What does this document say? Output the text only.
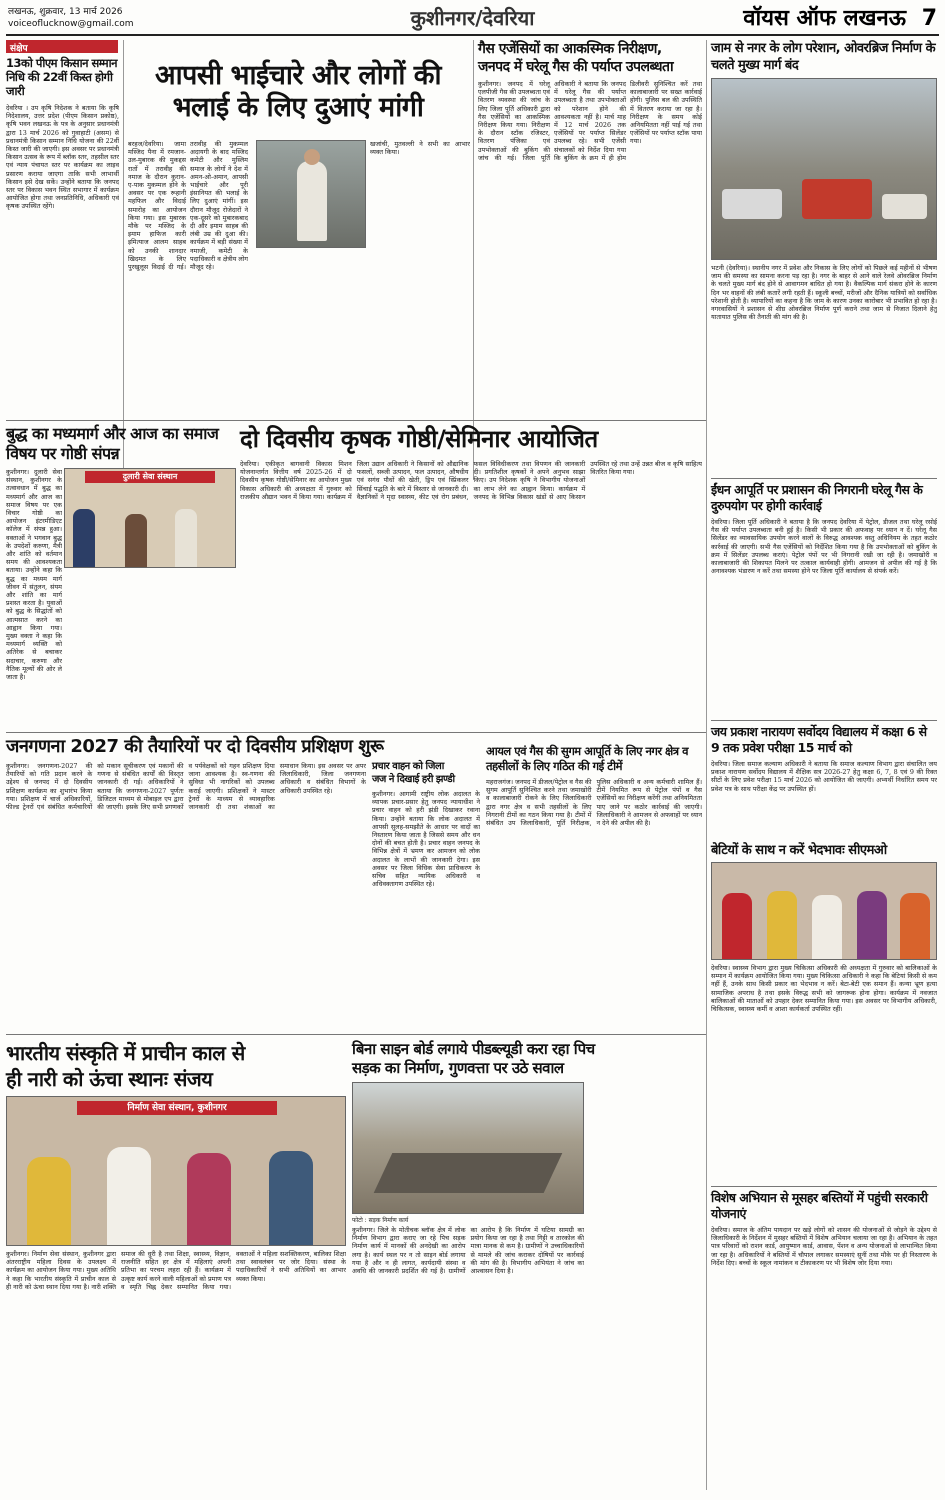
लखनऊ, शुक्रवार, 13 मार्च 2026
voiceoflucknow@gmail.com	कुशीनगर/देवरिया	वॉयस ऑफ लखनऊ 7
संक्षेप
13को पीएम किसान सम्मान निधि की 22वीं किस्त होगी जारी
देवरिया । उप कृषि निदेशक ने बताया कि कृषि निदेशालय, उत्तर प्रदेश (पीएम किसान प्रकोष्ठ), कृषि भवन लखनऊ के पत्र के अनुसार प्रधानमंत्री द्वारा 13 मार्च 2026 को गुवाहाटी (असम) से प्रधानमंत्री किसान सम्मान निधि योजना की 22वीं किस्त जारी की जाएगी। इस अवसर पर प्रधानमंत्री किसान उत्सव के रूप में ब्लॉक स्तर, तहसील स्तर एवं न्याय पंचायत स्तर पर कार्यक्रम का लाइव प्रसारण कराया जाएगा ताकि सभी लाभार्थी किसान इसे देख सकें। उन्होंने बताया कि जनपद स्तर पर विकास भवन स्थित सभागार में कार्यक्रम आयोजित होगा तथा जनप्रतिनिधि, अधिकारी एवं कृषक उपस्थित रहेंगे।
आपसी भाईचारे और लोगों की
भलाई के लिए दुआएं मांगी
बरहज/देवरिया। जामा मस्जिद पैना में रमजान-उल-मुबारक की मुकद्दस रातों में तरावीह की नमाज के दौरान कुरान-ए-पाक मुकम्मल होने के अवसर पर एक रूहानी महफिल और विदाई समारोह का आयोजन किया गया। इस मुबारक मौके पर मस्जिद के इमाम हाफिज कारी इमित्याज आलम साहब को उनकी शानदार खिदमत के लिए पुरखुलूस विदाई दी गई। तरावीह की मुकम्मल अदायगी के बाद मस्जिद कमेटी और मुस्लिम समाज के लोगों ने देश में अमन-ओ-अमान, आपसी भाईचारे और पूरी इंसानियत की भलाई के लिए दुआएं मांगीं। इस दौरान मौजूद रोजेदारों ने एक-दूसरे को मुबारकबाद दी और इमाम साहब की लंबी उम्र की दुआ की। कार्यक्रम में बड़ी संख्या में नमाजी, कमेटी के पदाधिकारी व क्षेत्रीय लोग मौजूद रहे।
खजांची, मुतवल्ली ने सभी का आभार व्यक्त किया।
गैस एजेंसियों का आकस्मिक निरीक्षण,
जनपद में घरेलू गैस की पर्याप्त उपलब्धता
कुशीनगर। जनपद में घरेलू एलपीजी गैस की उपलब्धता एवं वितरण व्यवस्था की जांच के लिए जिला पूर्ति अधिकारी द्वारा गैस एजेंसियों का आकस्मिक निरीक्षण किया गया। निरीक्षण के दौरान स्टॉक रजिस्टर, वितरण पंजिका एवं उपभोक्ताओं की बुकिंग की जांच की गई। जिला पूर्ति अधिकारी ने बताया कि जनपद में घरेलू गैस की पर्याप्त उपलब्धता है तथा उपभोक्ताओं को परेशान होने की आवश्यकता नहीं है। मार्च माह में 12 मार्च 2026 तक एजेंसियों पर पर्याप्त सिलेंडर उपलब्ध रहे। सभी एजेंसी संचालकों को निर्देश दिया गया कि बुकिंग के क्रम में ही होम डिलीवरी सुनिश्चित करें तथा कालाबाजारी पर सख्त कार्रवाई होगी। पुलिस बल की उपस्थिति में वितरण कराया जा रहा है। निरीक्षण के समय कोई अनियमितता नहीं पाई गई तथा एजेंसियों पर पर्याप्त स्टॉक पाया गया।
जाम से नगर के लोग परेशान, ओवरब्रिज निर्माण के चलते मुख्य मार्ग बंद
भटनी (देवरिया)। स्थानीय नगर में प्रवेश और निकास के लिए लोगों को पिछले कई महीनों से भीषण जाम की समस्या का सामना करना पड़ रहा है। नगर के बाहर से आने वाले रेलवे ओवरब्रिज निर्माण के चलते मुख्य मार्ग बंद होने से आवागमन बाधित हो गया है। वैकल्पिक मार्ग संकरा होने के कारण दिन भर वाहनों की लंबी कतारें लगी रहती हैं। स्कूली बच्चों, मरीजों और दैनिक यात्रियों को सर्वाधिक परेशानी होती है। व्यापारियों का कहना है कि जाम के कारण उनका कारोबार भी प्रभावित हो रहा है। नगरवासियों ने प्रशासन से शीघ्र ओवरब्रिज निर्माण पूर्ण कराने तथा जाम से निजात दिलाने हेतु यातायात पुलिस की तैनाती की मांग की है।
बुद्ध का मध्यमार्ग और आज का समाज विषय पर गोष्ठी संपन्न
कुशीनगर। दुलारी सेवा संस्थान, कुशीनगर के तत्वावधान में बुद्ध का मध्यमार्ग और आज का समाज विषय पर एक विचार गोष्ठी का आयोजन इंटरमीडिएट कॉलेज में संपन्न हुआ। वक्ताओं ने भगवान बुद्ध के उपदेशों करुणा, मैत्री और शांति को वर्तमान समय की आवश्यकता बताया। उन्होंने कहा कि बुद्ध का मध्यम मार्ग जीवन में संतुलन, संयम और शांति का मार्ग प्रशस्त करता है। युवाओं को बुद्ध के सिद्धांतों को आत्मसात करने का आह्वान किया गया। मुख्य वक्ता ने कहा कि मध्यमार्ग व्यक्ति को अतिरेक से बचाकर सदाचार, करुणा और नैतिक मूल्यों की ओर ले जाता है।
दुलारी सेवा संस्थान
दो दिवसीय कृषक गोष्ठी/सेमिनार आयोजित
देवरिया। एकीकृत बागवानी विकास मिशन योजनान्तर्गत वित्तीय वर्ष 2025-26 में दो दिवसीय कृषक गोष्ठी/सेमिनार का आयोजन मुख्य विकास अधिकारी की अध्यक्षता में गुरुवार को राजकीय औद्यान भवन में किया गया। कार्यक्रम में जिला उद्यान अधिकारी ने किसानों को औद्यानिक फसलों, सब्जी उत्पादन, फल उत्पादन, औषधीय एवं सगंध पौधों की खेती, ड्रिप एवं स्प्रिंकलर सिंचाई पद्धति के बारे में विस्तार से जानकारी दी। वैज्ञानिकों ने मृदा स्वास्थ्य, कीट एवं रोग प्रबंधन, फसल विविधीकरण तथा विपणन की जानकारी दी। प्रगतिशील कृषकों ने अपने अनुभव साझा किए। उप निदेशक कृषि ने विभागीय योजनाओं का लाभ लेने का आह्वान किया। कार्यक्रम में जनपद के विभिन्न विकास खंडों से आए किसान उपस्थित रहे तथा उन्हें उन्नत बीज व कृषि साहित्य वितरित किया गया।
ईंधन आपूर्ति पर प्रशासन की निगरानी घरेलू गैस के दुरुपयोग पर होगी कार्रवाई
देवरिया। जिला पूर्ति अधिकारी ने बताया है कि जनपद देवरिया में पेट्रोल, डीजल तथा घरेलू रसोई गैस की पर्याप्त उपलब्धता बनी हुई है। किसी भी प्रकार की अफवाह पर ध्यान न दें। घरेलू गैस सिलेंडर का व्यावसायिक उपयोग करने वालों के विरुद्ध आवश्यक वस्तु अधिनियम के तहत कठोर कार्रवाई की जाएगी। सभी गैस एजेंसियों को निर्देशित किया गया है कि उपभोक्ताओं को बुकिंग के क्रम में सिलेंडर उपलब्ध कराएं। पेट्रोल पंपों पर भी निगरानी रखी जा रही है। जमाखोरी व कालाबाजारी की शिकायत मिलने पर तत्काल कार्यवाही होगी। आमजन से अपील की गई है कि अनावश्यक भंडारण न करें तथा समस्या होने पर जिला पूर्ति कार्यालय से संपर्क करें।
जय प्रकाश नारायण सर्वोदय विद्यालय में कक्षा 6 से 9 तक प्रवेश परीक्षा 15 मार्च को
देवरिया। जिला समाज कल्याण अधिकारी ने बताया कि समाज कल्याण विभाग द्वारा संचालित जय प्रकाश नारायण सर्वोदय विद्यालय में शैक्षिक सत्र 2026-27 हेतु कक्षा 6, 7, 8 एवं 9 की रिक्त सीटों के लिए प्रवेश परीक्षा 15 मार्च 2026 को आयोजित की जाएगी। अभ्यर्थी निर्धारित समय पर प्रवेश पत्र के साथ परीक्षा केंद्र पर उपस्थित हों।
बेटियों के साथ न करें भेदभावः सीएमओ
देवरिया। स्वास्थ्य विभाग द्वारा मुख्य चिकित्सा अधिकारी की अध्यक्षता में गुरुवार को बालिकाओं के सम्मान में कार्यक्रम आयोजित किया गया। मुख्य चिकित्सा अधिकारी ने कहा कि बेटियां किसी से कम नहीं हैं, उनके साथ किसी प्रकार का भेदभाव न करें। बेटा-बेटी एक समान हैं। कन्या भ्रूण हत्या सामाजिक अपराध है तथा इसके विरुद्ध सभी को जागरूक होना होगा। कार्यक्रम में नवजात बालिकाओं की माताओं को उपहार देकर सम्मानित किया गया। इस अवसर पर विभागीय अधिकारी, चिकित्सक, स्वास्थ्य कर्मी व आशा कार्यकर्ता उपस्थित रहीं।
जनगणना 2027 की तैयारियों पर दो दिवसीय प्रशिक्षण शुरू
कुशीनगर। जनगणना-2027 की तैयारियों को गति प्रदान करने के उद्देश्य से जनपद में दो दिवसीय प्रशिक्षण कार्यक्रम का शुभारंभ किया गया। प्रशिक्षण में चार्ज अधिकारियों, फील्ड ट्रेनरों एवं संबंधित कर्मचारियों को मकान सूचीकरण एवं मकानों की गणना से संबंधित कार्यों की विस्तृत जानकारी दी गई। अधिकारियों ने बताया कि जनगणना-2027 पूर्णतः डिजिटल माध्यम से मोबाइल एप द्वारा की जाएगी। इसके लिए सभी प्रगणकों व पर्यवेक्षकों को गहन प्रशिक्षण दिया जाना आवश्यक है। स्व-गणना की सुविधा भी नागरिकों को उपलब्ध कराई जाएगी। प्रशिक्षकों ने मास्टर ट्रेनरों के माध्यम से व्यावहारिक जानकारी दी तथा शंकाओं का समाधान किया। इस अवसर पर अपर जिलाधिकारी, जिला जनगणना अधिकारी व संबंधित विभागों के अधिकारी उपस्थित रहे।
प्रचार वाहन को जिला
जज ने दिखाई हरी झण्डी
कुशीनगर। आगामी राष्ट्रीय लोक अदालत के व्यापक प्रचार-प्रसार हेतु जनपद न्यायाधीश ने प्रचार वाहन को हरी झंडी दिखाकर रवाना किया। उन्होंने बताया कि लोक अदालत में आपसी सुलह-समझौते के आधार पर वादों का निस्तारण किया जाता है जिससे समय और धन दोनों की बचत होती है। प्रचार वाहन जनपद के विभिन्न क्षेत्रों में भ्रमण कर आमजन को लोक अदालत के लाभों की जानकारी देगा। इस अवसर पर जिला विधिक सेवा प्राधिकरण के सचिव सहित न्यायिक अधिकारी व अधिवक्तागण उपस्थित रहे।
आयल एवं गैस की सुगम आपूर्ति के लिए नगर क्षेत्र व तहसीलों के लिए गठित की गई टीमें
महराजगंज। जनपद में डीजल/पेट्रोल व गैस की सुगम आपूर्ति सुनिश्चित करने तथा जमाखोरी व कालाबाजारी रोकने के लिए जिलाधिकारी द्वारा नगर क्षेत्र व सभी तहसीलों के लिए निगरानी टीमों का गठन किया गया है। टीमों में संबंधित उप जिलाधिकारी, पूर्ति निरीक्षक, पुलिस अधिकारी व अन्य कर्मचारी शामिल हैं। टीमें नियमित रूप से पेट्रोल पंपों व गैस एजेंसियों का निरीक्षण करेंगी तथा अनियमितता पाए जाने पर कठोर कार्रवाई की जाएगी। जिलाधिकारी ने आमजन से अफवाहों पर ध्यान न देने की अपील की है।
भारतीय संस्कृति में प्राचीन काल से
ही नारी को ऊंचा स्थानः संजय
निर्माण सेवा संस्थान, कुशीनगर
कुशीनगर। निर्माण सेवा संस्थान, कुशीनगर द्वारा अंतरराष्ट्रीय महिला दिवस के उपलक्ष्य में कार्यक्रम का आयोजन किया गया। मुख्य अतिथि ने कहा कि भारतीय संस्कृति में प्राचीन काल से ही नारी को ऊंचा स्थान दिया गया है। नारी शक्ति समाज की धुरी है तथा शिक्षा, स्वास्थ्य, विज्ञान, राजनीति सहित हर क्षेत्र में महिलाएं अपनी प्रतिभा का परचम लहरा रही हैं। कार्यक्रम में उत्कृष्ट कार्य करने वाली महिलाओं को प्रमाण पत्र व स्मृति चिह्न देकर सम्मानित किया गया। वक्ताओं ने महिला सशक्तिकरण, बालिका शिक्षा तथा स्वावलंबन पर जोर दिया। संस्था के पदाधिकारियों ने सभी अतिथियों का आभार व्यक्त किया।
बिना साइन बोर्ड लगाये पीडब्ल्यूडी करा रहा पिच
सड़क का निर्माण, गुणवत्ता पर उठे सवाल
फोटो : सड़क निर्माण कार्य
कुशीनगर। जिले के मोतीचक ब्लॉक क्षेत्र में लोक निर्माण विभाग द्वारा कराए जा रहे पिच सड़क निर्माण कार्य में मानकों की अनदेखी का आरोप लगा है। कार्य स्थल पर न तो साइन बोर्ड लगाया गया है और न ही लागत, कार्यदायी संस्था व अवधि की जानकारी प्रदर्शित की गई है। ग्रामीणों का आरोप है कि निर्माण में घटिया सामग्री का प्रयोग किया जा रहा है तथा गिट्टी व तारकोल की मात्रा मानक से कम है। ग्रामीणों ने उच्चाधिकारियों से मामले की जांच कराकर दोषियों पर कार्रवाई की मांग की है। विभागीय अभियंता ने जांच का आश्वासन दिया है।
विशेष अभियान से मूसहर बस्तियों में पहुंची सरकारी योजनाएं
देवरिया। समाज के अंतिम पायदान पर खड़े लोगों को शासन की योजनाओं से जोड़ने के उद्देश्य से जिलाधिकारी के निर्देशन में मुसहर बस्तियों में विशेष अभियान चलाया जा रहा है। अभियान के तहत पात्र परिवारों को राशन कार्ड, आयुष्मान कार्ड, आवास, पेंशन व अन्य योजनाओं से लाभान्वित किया जा रहा है। अधिकारियों ने बस्तियों में चौपाल लगाकर समस्याएं सुनीं तथा मौके पर ही निस्तारण के निर्देश दिए। बच्चों के स्कूल नामांकन व टीकाकरण पर भी विशेष जोर दिया गया।
